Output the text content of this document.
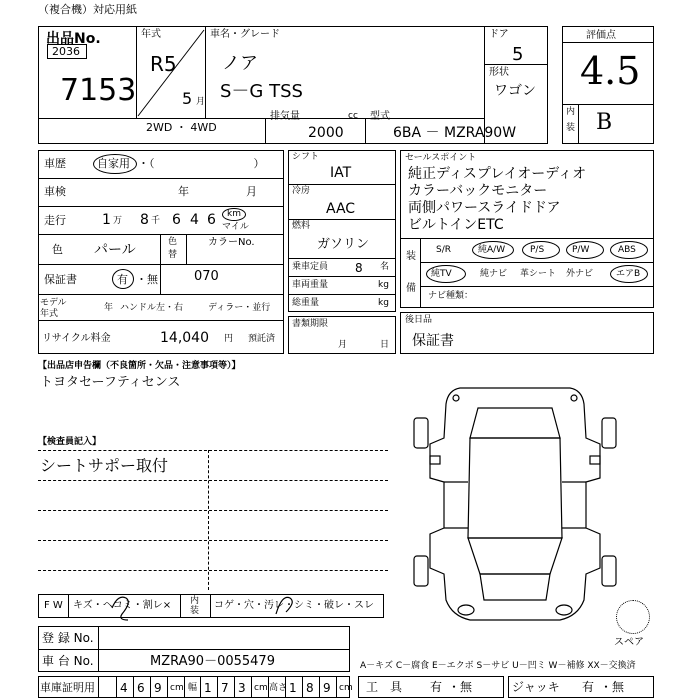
（複合機）対応用紙
出品No.
2036
7153
年式
R5
5 月
車名・グレード
ノア
S－G TSS
ドア
5
形状
ワゴン
2WD ・ 4WD
排気量	cc
2000
型式
6BA － MZRA90W
評価点
4.5
内
装 B
車歴	自家用 ・（　　　　　　　　　）
車検	年	月
走行	1 万 8 千 6 4 6 km
マイル
色 パール	色
替
カラーNo.
保証書	有 ・無	070
モデル
年式
年 ハンドル 左・右	ディラー・並行
リサイクル料金	14,040 円 預託済
シフト
IAT
冷房
AAC
燃料
ガソリン
乗車定員 8 名
車両重量	kg
総重量	kg
書類期限
月	日
セールスポイント
純正ディスプレイオーディオ
カラーバックモニター
両側パワースライドドア
ビルトインETC
装
備
S/R	純A/W	P/S	P/W	ABS
純TV	純ナビ 革シート 外ナビ	エアB
ナビ種類：
後日品
保証書
【出品店申告欄（不良箇所・欠品・注意事項等）】
トヨタセーフティセンス
【検査員記入】
シートサポー取付
F W キズ・ヘコミ・割レ× 内
装 コゲ・穴・汚レ・シミ・破レ・スレ
登 録 No.
車 台 No.	MZRA90－0055479
車庫証明用 4 6 9 cm 幅 1 7 3 cm 高さ 1 8 9 cm
A－キズ C－腐食 E－エクボ S－サビ U－凹ミ W－補修 XX－交換済
工　具 有 ・無	ジャッキ 有 ・無
スペア
